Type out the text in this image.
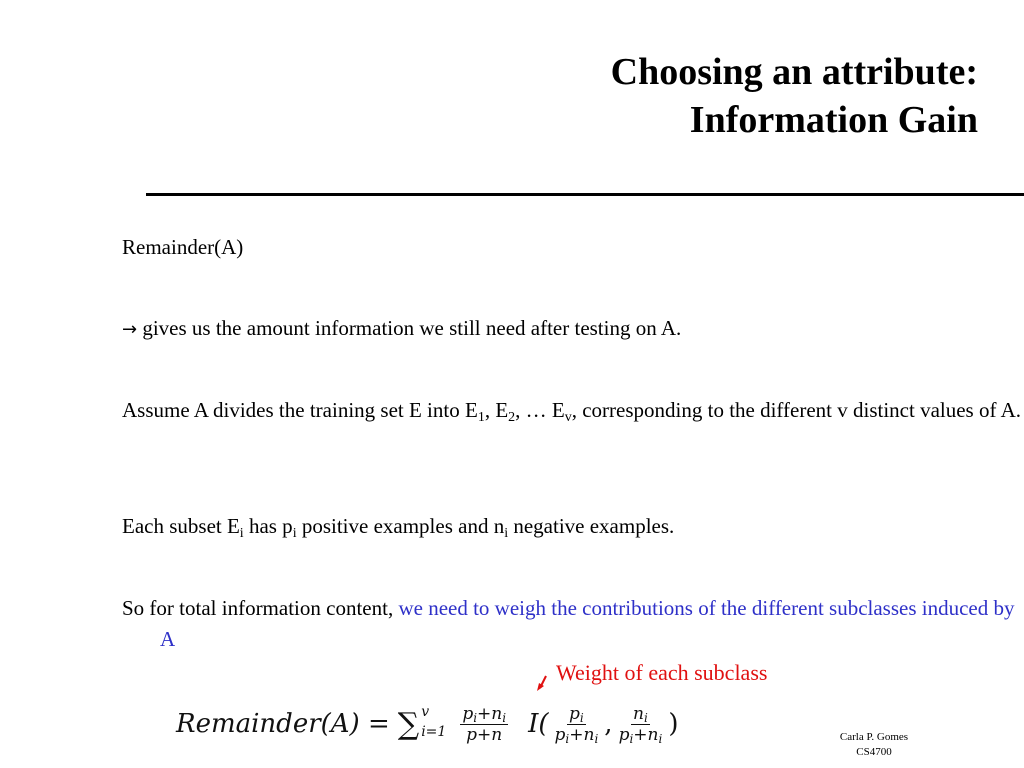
Choosing an attribute:
Information Gain

Remainder(A)

→ gives us the amount information we still need after testing on A.

Assume A divides the training set E into $E_1$, $E_2$, … $E_v$, corresponding to the different v distinct values of A.

Each subset $E_i$ has $p_i$ positive examples and $n_i$ negative examples.

So for total information content, we need to weigh the contributions of the different subclasses induced by A

Weight of each subclass
Remainder(A) = ∑ v
$i=1 \frac{p_i+n_i}{p+n} I( \frac{p_i}{p_i+n_i}$ , $\frac{n_i}{p_i+n_i}$ )	Carla P. Gomes
CS4700
